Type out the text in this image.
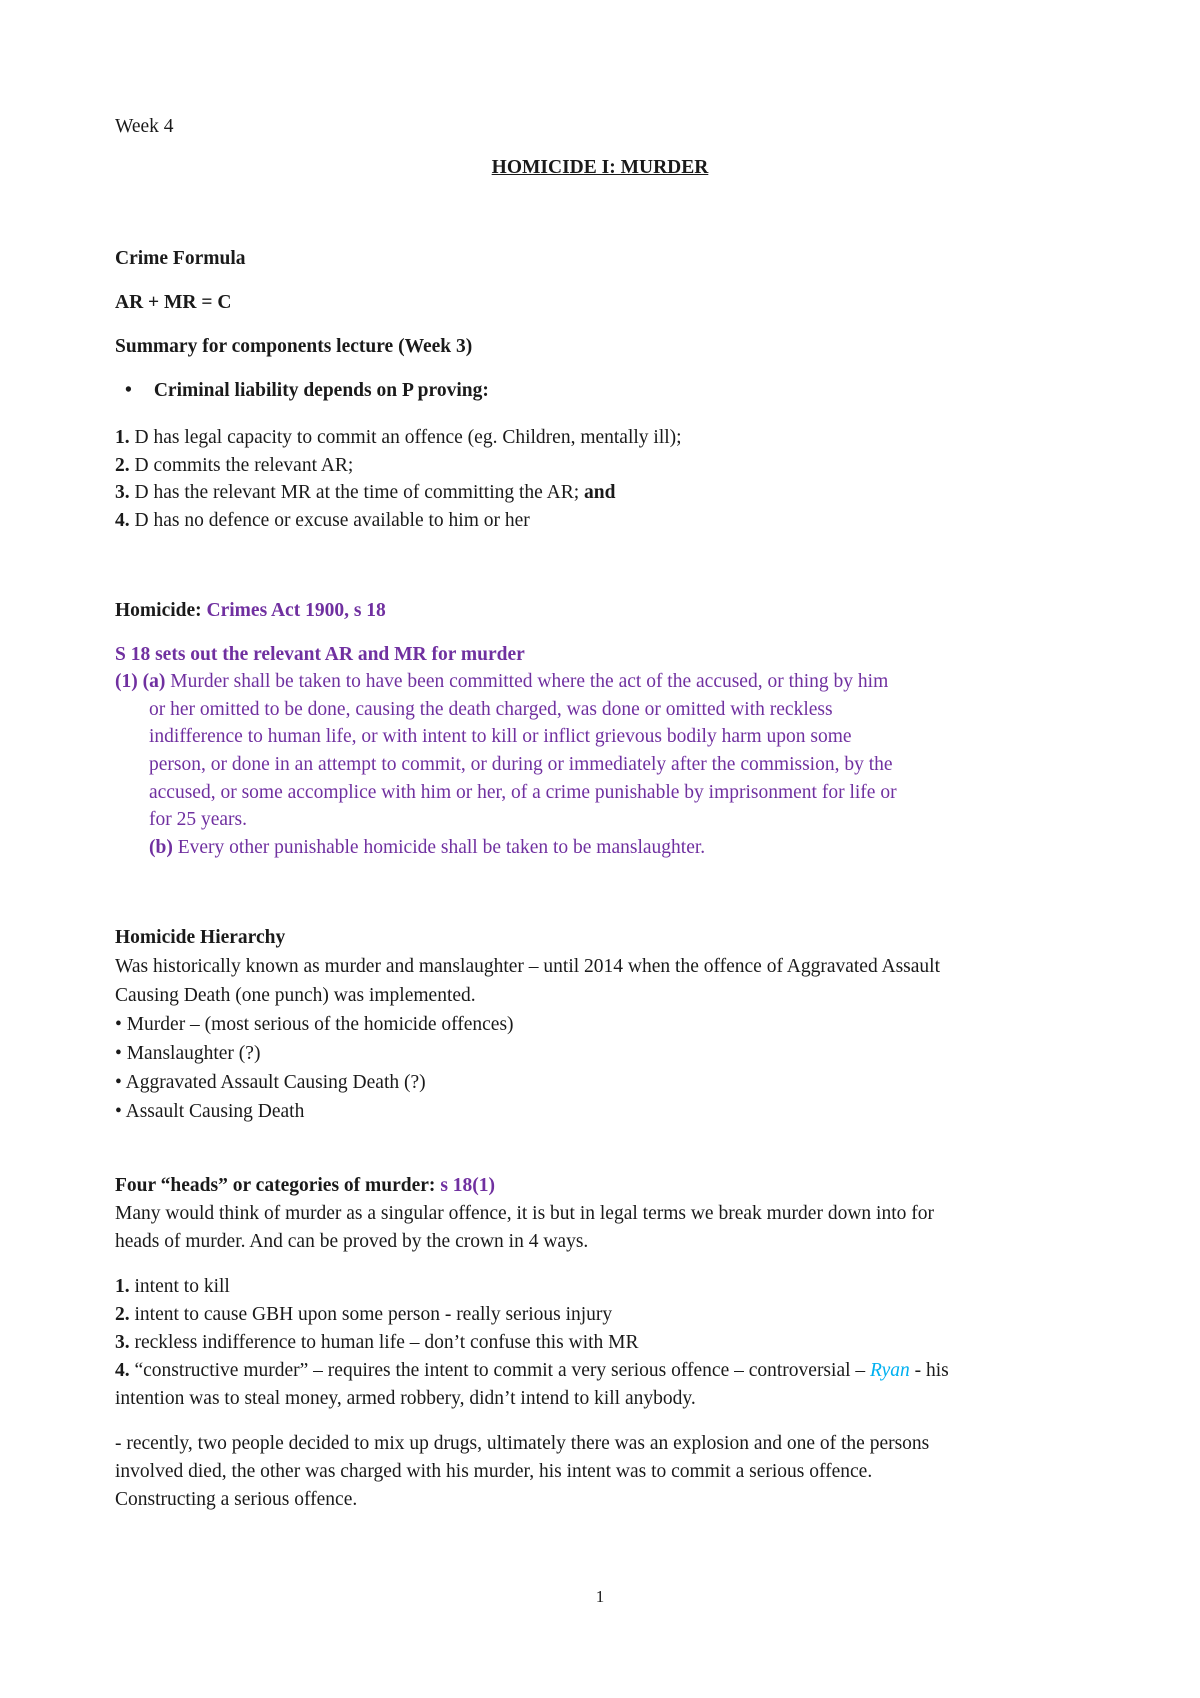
Week 4
HOMICIDE I: MURDER
Crime Formula
AR + MR = C
Summary for components lecture (Week 3)
• Criminal liability depends on P proving:
1. D has legal capacity to commit an offence (eg. Children, mentally ill);
2. D commits the relevant AR;
3. D has the relevant MR at the time of committing the AR; and
4. D has no defence or excuse available to him or her
Homicide: Crimes Act 1900, s 18
S 18 sets out the relevant AR and MR for murder
(1) (a) Murder shall be taken to have been committed where the act of the accused, or thing by him
or her omitted to be done, causing the death charged, was done or omitted with reckless
indifference to human life, or with intent to kill or inflict grievous bodily harm upon some
person, or done in an attempt to commit, or during or immediately after the commission, by the
accused, or some accomplice with him or her, of a crime punishable by imprisonment for life or
for 25 years.
(b) Every other punishable homicide shall be taken to be manslaughter.
Homicide Hierarchy
Was historically known as murder and manslaughter – until 2014 when the offence of Aggravated Assault
Causing Death (one punch) was implemented.
• Murder – (most serious of the homicide offences)
• Manslaughter (?)
• Aggravated Assault Causing Death (?)
• Assault Causing Death
Four “heads” or categories of murder: s 18(1)
Many would think of murder as a singular offence, it is but in legal terms we break murder down into for
heads of murder. And can be proved by the crown in 4 ways.
1. intent to kill
2. intent to cause GBH upon some person - really serious injury
3. reckless indifference to human life – don’t confuse this with MR
4. “constructive murder” – requires the intent to commit a very serious offence – controversial – Ryan - his
intention was to steal money, armed robbery, didn’t intend to kill anybody.
- recently, two people decided to mix up drugs, ultimately there was an explosion and one of the persons
involved died, the other was charged with his murder, his intent was to commit a serious offence.
Constructing a serious offence.
1
